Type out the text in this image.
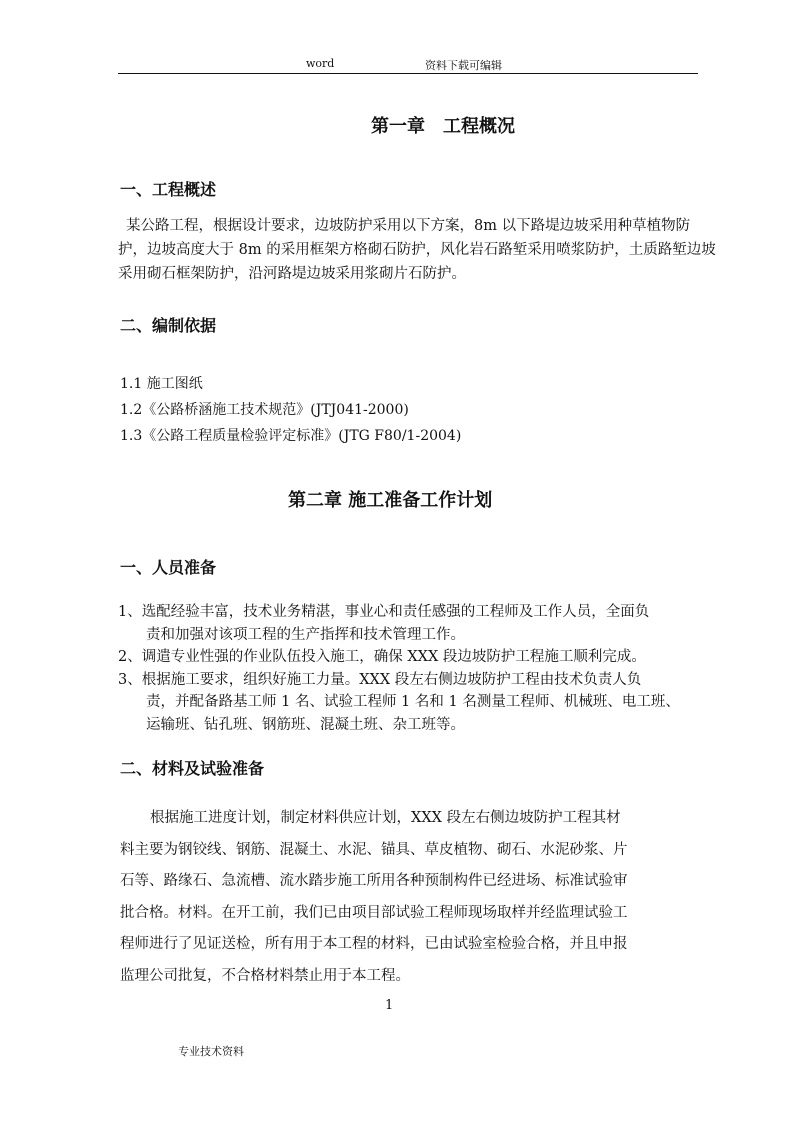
word	资料下载可编辑
第一章　工程概况
一、工程概述
某公路工程，根据设计要求，边坡防护采用以下方案，8m 以下路堤边坡采用种草植物防
护，边坡高度大于 8m 的采用框架方格砌石防护，风化岩石路堑采用喷浆防护，土质路堑边坡
采用砌石框架防护，沿河路堤边坡采用浆砌片石防护。
二、编制依据
1.1 施工图纸
1.2《公路桥涵施工技术规范》(JTJ041-2000)
1.3《公路工程质量检验评定标准》(JTG F80/1-2004)
第二章 施工准备工作计划
一、人员准备
1、选配经验丰富，技术业务精湛，事业心和责任感强的工程师及工作人员，全面负
责和加强对该项工程的生产指挥和技术管理工作。
2、调遣专业性强的作业队伍投入施工，确保 XXX 段边坡防护工程施工顺利完成。
3、根据施工要求，组织好施工力量。XXX 段左右侧边坡防护工程由技术负责人负
责，并配备路基工师 1 名、试验工程师 1 名和 1 名测量工程师、机械班、电工班、
运输班、钻孔班、钢筋班、混凝土班、杂工班等。
二、材料及试验准备
根据施工进度计划，制定材料供应计划，XXX 段左右侧边坡防护工程其材
料主要为钢铰线、钢筋、混凝土、水泥、锚具、草皮植物、砌石、水泥砂浆、片
石等、路缘石、急流槽、流水踏步施工所用各种预制构件已经进场、标准试验审
批合格。材料。在开工前，我们已由项目部试验工程师现场取样并经监理试验工
程师进行了见证送检，所有用于本工程的材料，已由试验室检验合格，并且申报
监理公司批复，不合格材料禁止用于本工程。
1
专业技术资料
